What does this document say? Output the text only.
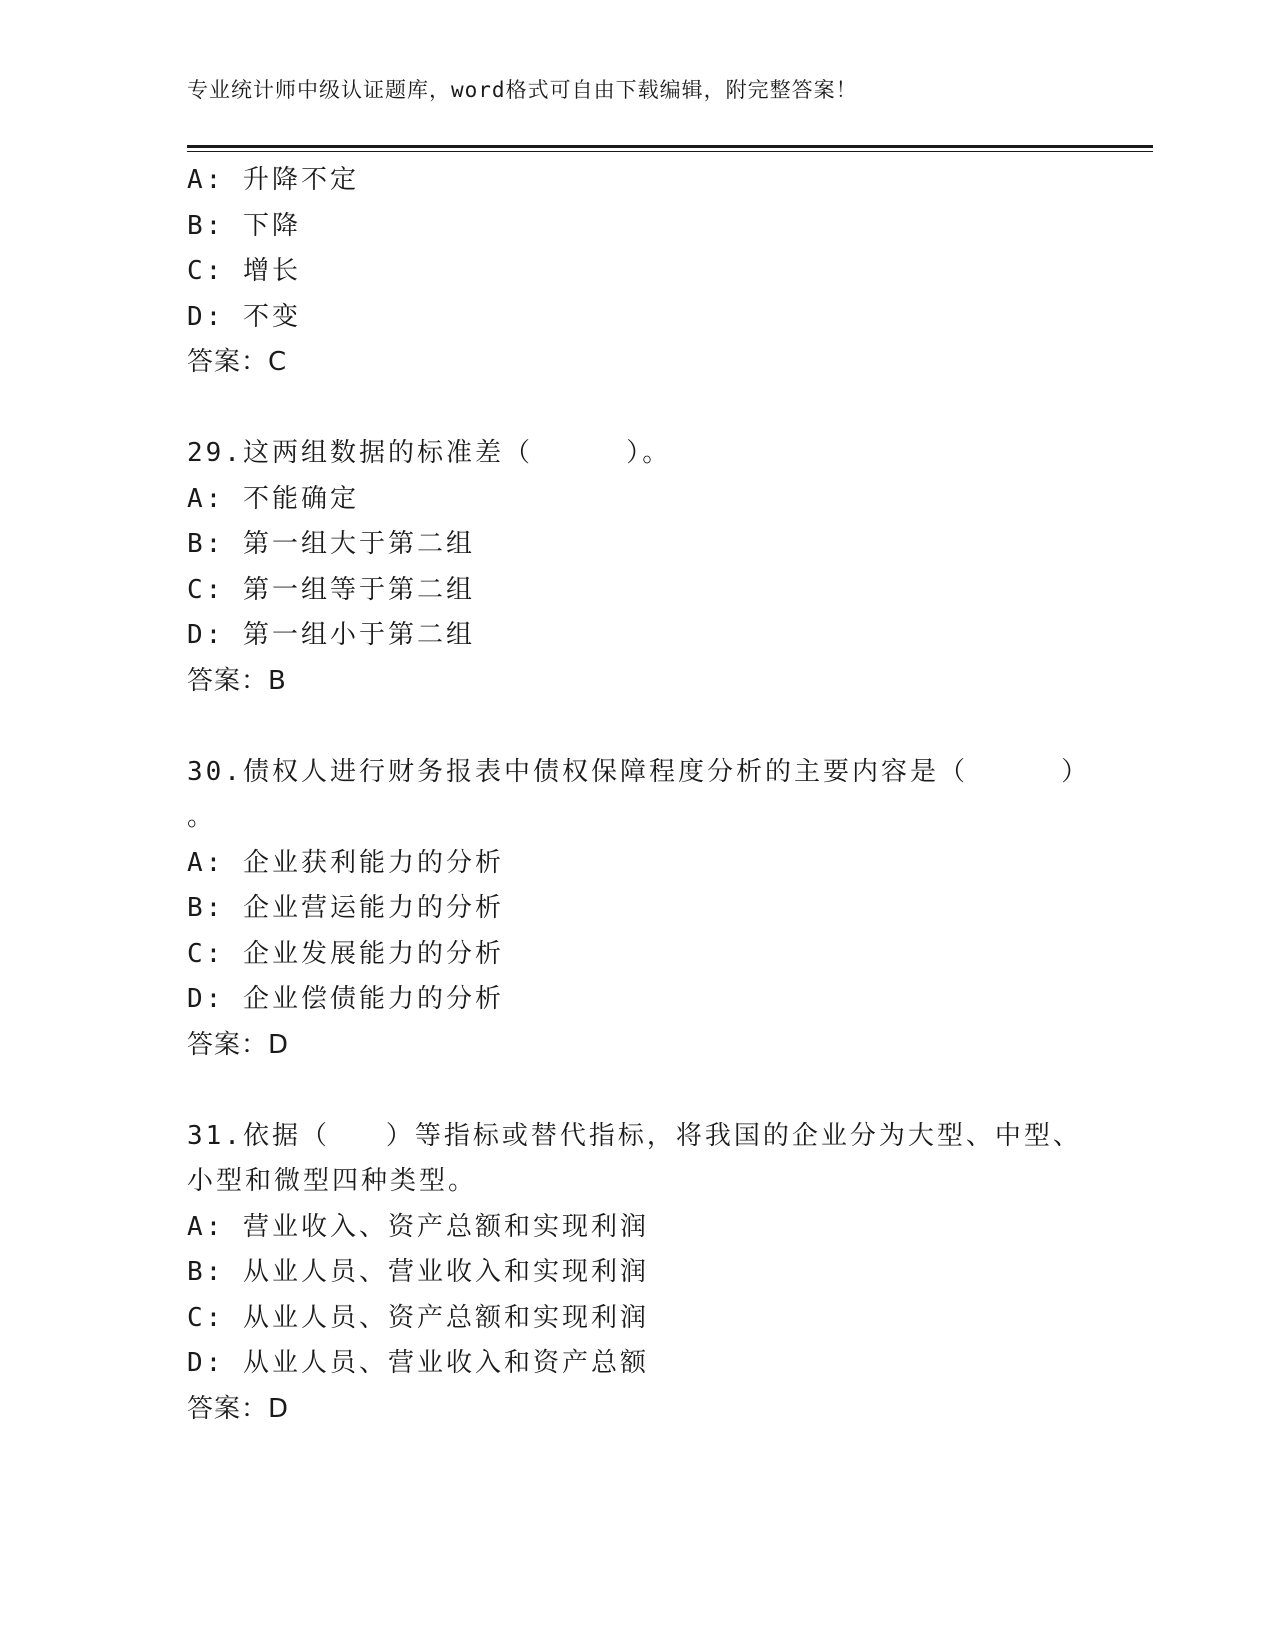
专业统计师中级认证题库，word格式可自由下载编辑，附完整答案！
A: 升降不定
B: 下降
C: 增长
D: 不变
答案：C
29.这两组数据的标准差（     ）。
A: 不能确定
B: 第一组大于第二组
C: 第一组等于第二组
D: 第一组小于第二组
答案：B
30.债权人进行财务报表中债权保障程度分析的主要内容是（     ）
。
A: 企业获利能力的分析
B: 企业营运能力的分析
C: 企业发展能力的分析
D: 企业偿债能力的分析
答案：D
31.依据（   ）等指标或替代指标，将我国的企业分为大型、中型、
小型和微型四种类型。
A: 营业收入、资产总额和实现利润
B: 从业人员、营业收入和实现利润
C: 从业人员、资产总额和实现利润
D: 从业人员、营业收入和资产总额
答案：D
